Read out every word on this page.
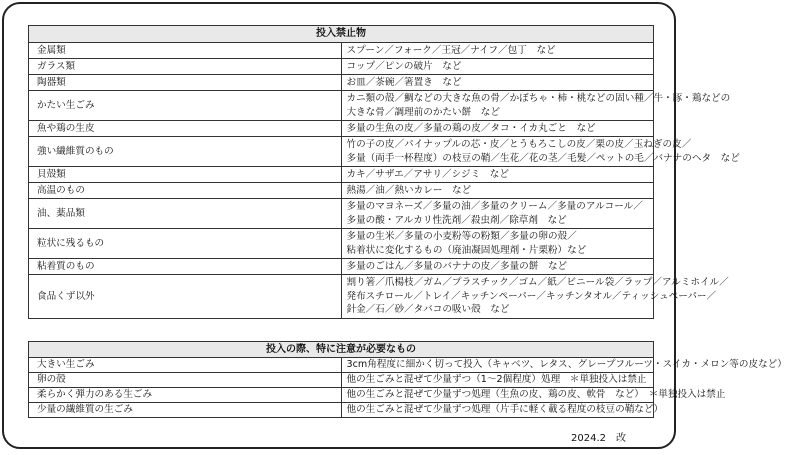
投入禁止物	
金属類	スプーン／フォーク／王冠／ナイフ／包丁　など

ガラス類	コップ／ピンの破片　など

陶器類	お皿／茶碗／箸置き　など

かたい生ごみ	カニ類の殻／鯛などの大きな魚の骨／かぼちゃ・柿・桃などの固い種／牛・豚・鶏などの
大きな骨／調理前のかたい餅　など

魚や鶏の生皮	多量の生魚の皮／多量の鶏の皮／タコ・イカ丸ごと　など

強い繊維質のもの	竹の子の皮／パイナップルの芯・皮／とうもろこしの皮／栗の皮／玉ねぎの皮／
多量（両手一杯程度）の枝豆の鞘／生花／花の茎／毛髪／ペットの毛／バナナのヘタ　など

貝殻類	カキ／サザエ／アサリ／シジミ　など

高温のもの	熱湯／油／熱いカレー　など

油、薬品類	多量のマヨネーズ／多量の油／多量のクリーム／多量のアルコール／
多量の酸・アルカリ性洗剤／殺虫剤／除草剤　など

粒状に残るもの	多量の生米／多量の小麦粉等の粉類／多量の卵の殻／
粘着状に変化するもの（廃油凝固処理剤・片栗粉）など

粘着質のもの	多量のごはん／多量のバナナの皮／多量の餅　など

食品くず以外	割り箸／爪楊枝／ガム／プラスチック／ゴム／紙／ビニール袋／ラップ／アルミホイル／
発布スチロール／トレイ／キッチンペーパー／キッチンタオル／ティッシュペーパー／
針金／石／砂／タバコの吸い殻　など
投入の際、特に注意が必要なもの	
大きい生ごみ	3cm角程度に細かく切って投入（キャベツ、レタス、グレープフルーツ・スイカ・メロン等の皮など）
卵の殻	他の生ごみと混ぜて少量ずつ（1～2個程度）処理　＊単独投入は禁止
柔らかく弾力のある生ごみ	他の生ごみと混ぜて少量ずつ処理（生魚の皮、鶏の皮、軟骨　など）　＊単独投入は禁止
少量の繊維質の生ごみ	他の生ごみと混ぜて少量ずつ処理（片手に軽く載る程度の枝豆の鞘など）
2024.2　改
